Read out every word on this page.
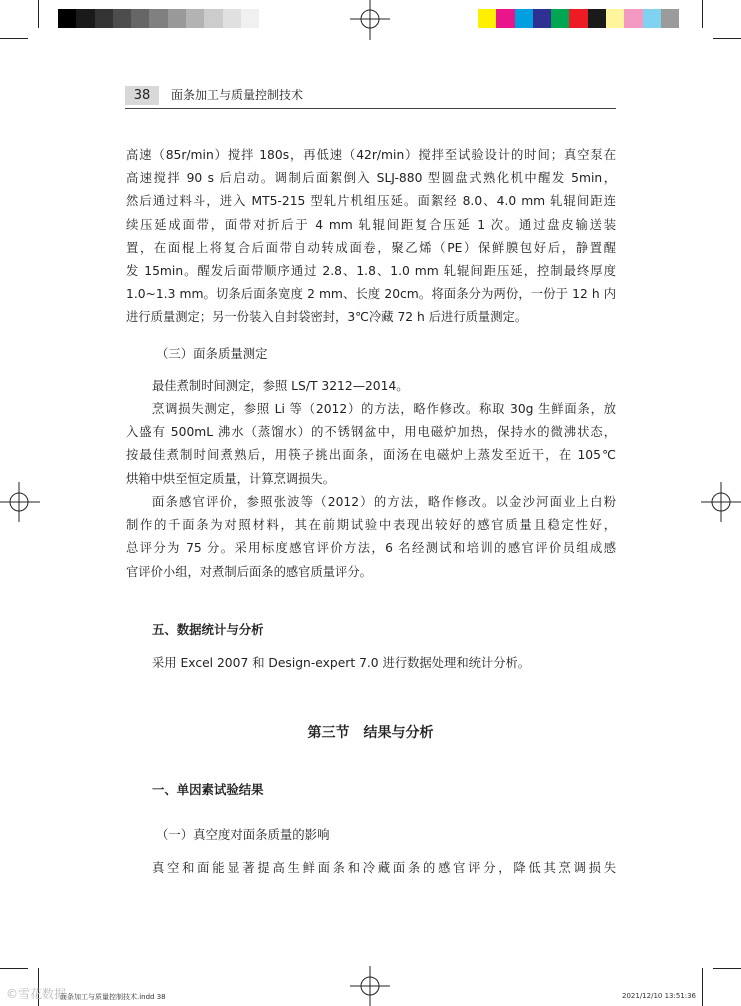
38	面条加工与质量控制技术
高速（85r/min）搅拌 180s，再低速（42r/min）搅拌至试验设计的时间；真空泵在
高速搅拌 90 s 后启动。调制后面絮倒入 SLJ-880 型圆盘式熟化机中醒发 5min，
然后通过料斗，进入 MT5-215 型轧片机组压延。面絮经 8.0、4.0 mm 轧辊间距连
续压延成面带，面带对折后于 4 mm 轧辊间距复合压延 1 次。通过盘皮输送装
置，在面棍上将复合后面带自动转成面卷，聚乙烯（PE）保鲜膜包好后，静置醒
发 15min。醒发后面带顺序通过 2.8、1.8、1.0 mm 轧辊间距压延，控制最终厚度
1.0~1.3 mm。切条后面条宽度 2 mm、长度 20cm。将面条分为两份，一份于 12 h 内
进行质量测定；另一份装入自封袋密封，3℃冷藏 72 h 后进行质量测定。
（三）面条质量测定
最佳煮制时间测定，参照 LS/T 3212—2014。
烹调损失测定，参照 Li 等（2012）的方法，略作修改。称取 30g 生鲜面条，放
入盛有 500mL 沸水（蒸馏水）的不锈钢盆中，用电磁炉加热，保持水的微沸状态，
按最佳煮制时间煮熟后，用筷子挑出面条，面汤在电磁炉上蒸发至近干，在 105℃
烘箱中烘至恒定质量，计算烹调损失。
面条感官评价，参照张波等（2012）的方法，略作修改。以金沙河面业上白粉
制作的千面条为对照材料，其在前期试验中表现出较好的感官质量且稳定性好，
总评分为 75 分。采用标度感官评价方法，6 名经测试和培训的感官评价员组成感
官评价小组，对煮制后面条的感官质量评分。
五、数据统计与分析
采用 Excel 2007 和 Design-expert 7.0 进行数据处理和统计分析。
第三节　结果与分析
一、单因素试验结果
（一）真空度对面条质量的影响
真空和面能显著提高生鲜面条和冷藏面条的感官评分，降低其烹调损失
©雪花数据
面条加工与质量控制技术.indd 38	2021/12/10 13:51:36
